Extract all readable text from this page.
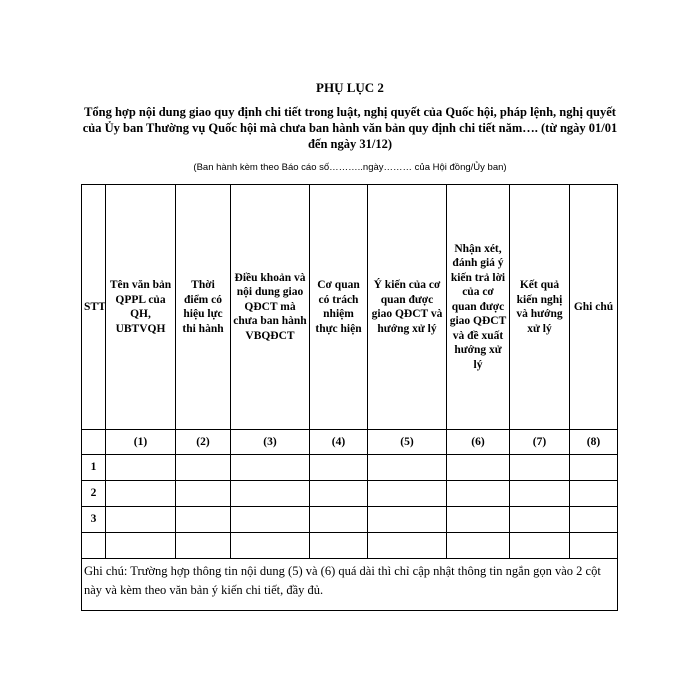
PHỤ LỤC 2
Tổng hợp nội dung giao quy định chi tiết trong luật, nghị quyết của Quốc hội, pháp lệnh, nghị quyết của Ủy ban Thường vụ Quốc hội mà chưa ban hành văn bản quy định chi tiết năm…. (từ ngày 01/01 đến ngày 31/12)
(Ban hành kèm theo Báo cáo số………..ngày……… của Hội đồng/Ủy ban)
STT	Tên văn bản QPPL của QH, UBTVQH	Thời điểm có hiệu lực thi hành	Điều khoản và nội dung giao QĐCT mà chưa ban hành VBQĐCT	Cơ quan có trách nhiệm thực hiện	Ý kiến của cơ quan được giao QĐCT và hướng xử lý	Nhận xét, đánh giá ý kiến trả lời của cơ quan được giao QĐCT và đề xuất hướng xử lý	Kết quả kiến nghị và hướng xử lý	Ghi chú
	(1)	(2)	(3)	(4)	(5)	(6)	(7)	(8)
1								
2								
3								

Ghi chú: Trường hợp thông tin nội dung (5) và (6) quá dài thì chỉ cập nhật thông tin ngắn gọn vào 2 cột này và kèm theo văn bản ý kiến chi tiết, đầy đủ.								
